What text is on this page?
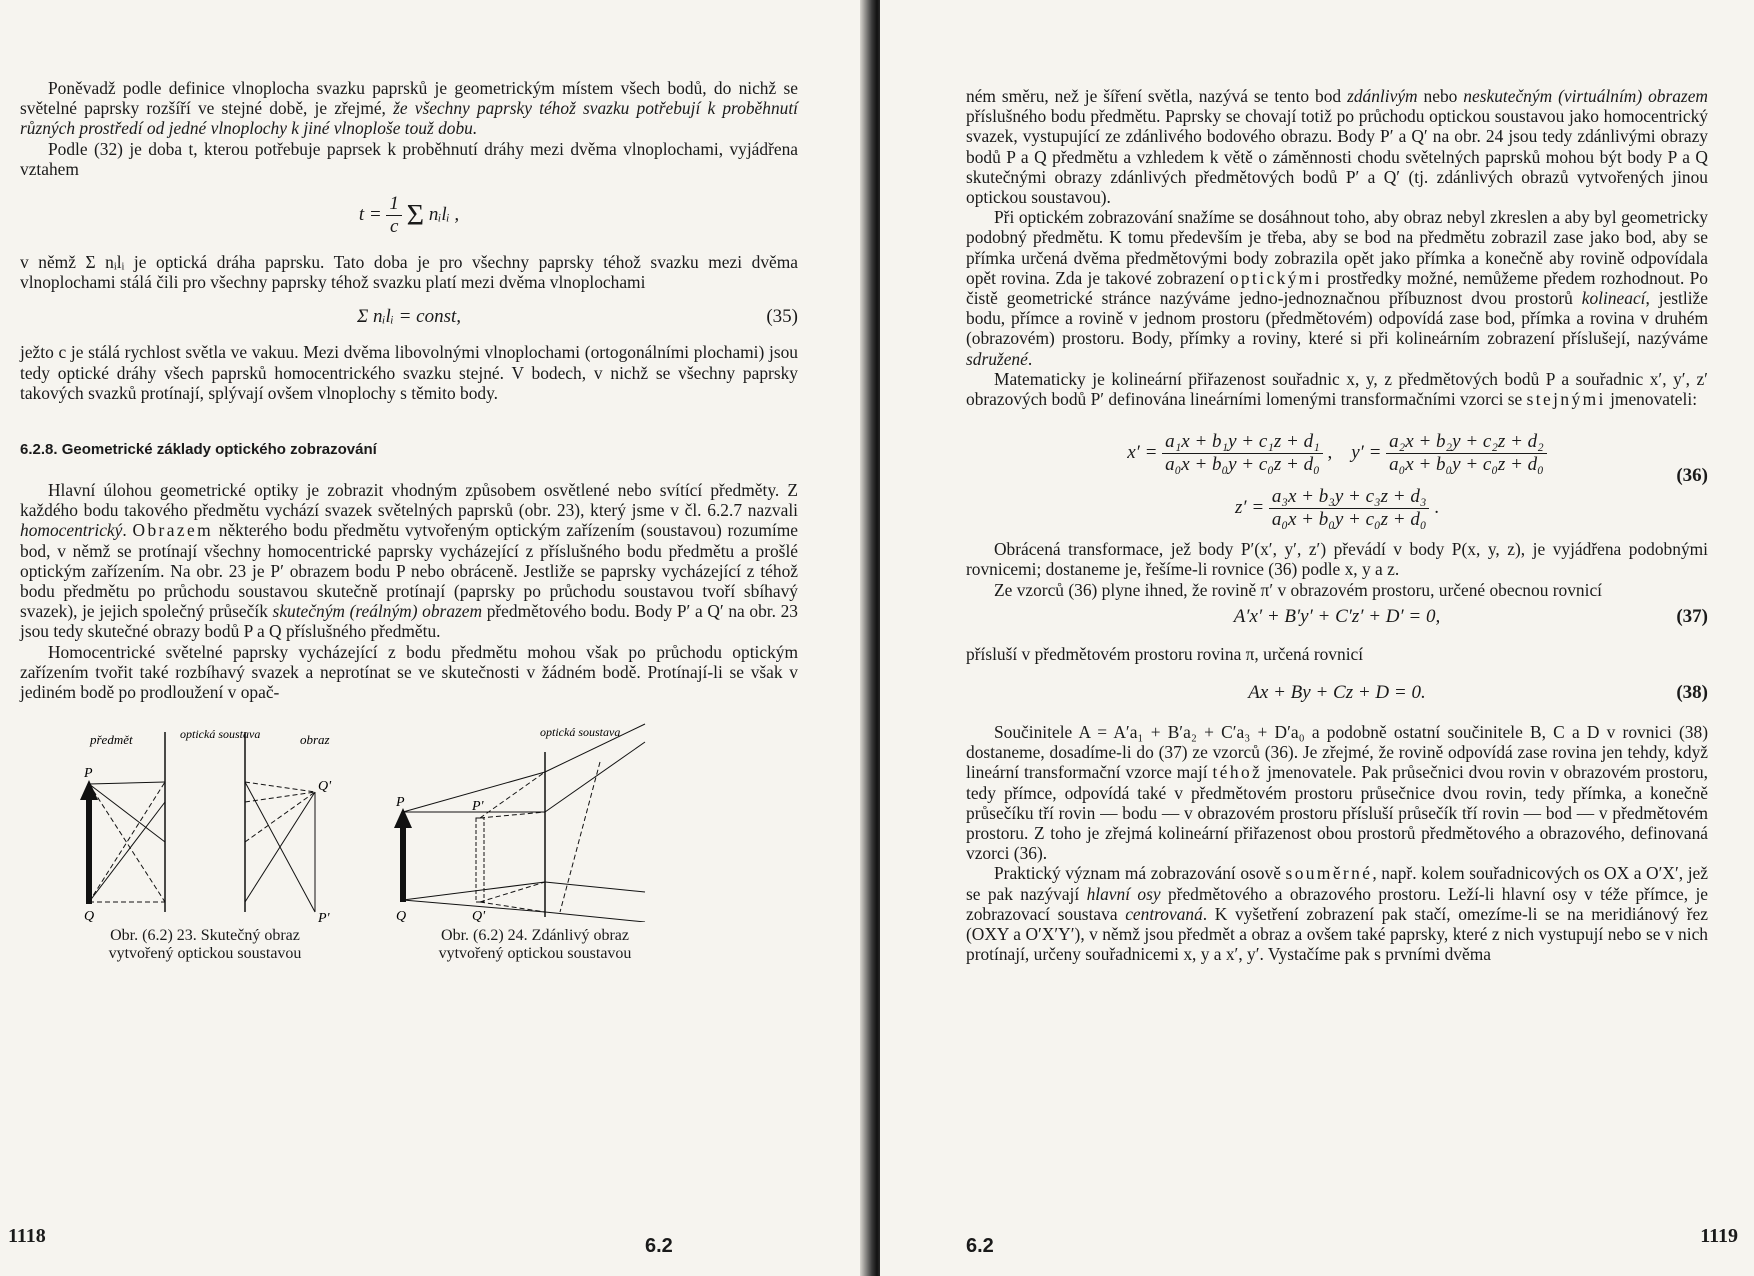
Poněvadž podle definice vlnoplocha svazku paprsků je geometrickým místem všech bodů, do nichž se světelné paprsky rozšíří ve stejné době, je zřejmé, že všechny paprsky téhož svazku potřebují k proběhnutí různých prostředí od jedné vlnoplochy k jiné vlnoploše touž dobu.

Podle (32) je doba t, kterou potřebuje paprsek k proběhnutí dráhy mezi dvěma vlnoplochami, vyjádřena vztahem

$t = \frac{1}{c}$ Σ nᵢlᵢ ,

v němž Σ nᵢlᵢ je optická dráha paprsku. Tato doba je pro všechny paprsky téhož svazku mezi dvěma vlnoplochami stálá čili pro všechny paprsky téhož svazku platí mezi dvěma vlnoplochami

Σ nᵢlᵢ = const,	(35)

ježto c je stálá rychlost světla ve vakuu. Mezi dvěma libovolnými vlnoplochami (ortogonálními plochami) jsou tedy optické dráhy všech paprsků homocentrického svazku stejné. V bodech, v nichž se všechny paprsky takových svazků protínají, splývají ovšem vlnoplochy s těmito body.

6.2.8. Geometrické základy optického zobrazování

Hlavní úlohou geometrické optiky je zobrazit vhodným způsobem osvětlené nebo svítící předměty. Z každého bodu takového předmětu vychází svazek světelných paprsků (obr. 23), který jsme v čl. 6.2.7 nazvali homocentrický. Obrazem některého bodu předmětu vytvořeným optickým zařízením (soustavou) rozumíme bod, v němž se protínají všechny homocentrické paprsky vycházející z příslušného bodu předmětu a prošlé optickým zařízením. Na obr. 23 je P′ obrazem bodu P nebo obráceně. Jestliže se paprsky vycházející z téhož bodu předmětu po průchodu soustavou skutečně protínají (paprsky po průchodu soustavou tvoří sbíhavý svazek), je jejich společný průsečík skutečným (reálným) obrazem předmětového bodu. Body P′ a Q′ na obr. 23 jsou tedy skutečné obrazy bodů P a Q příslušného předmětu.

Homocentrické světelné paprsky vycházející z bodu předmětu mohou však po průchodu optickým zařízením tvořit také rozbíhavý svazek a neprotínat se ve skutečnosti v žádném bodě. Protínají-li se však v jediném bodě po prodloužení v opač-

předmět	optická soustava	obraz
P
Q
Q'
P'
Obr. (6.2) 23. Skutečný obraz
vytvořený optickou soustavou
optická soustava
P
Q
P'
Q'
Obr. (6.2) 24. Zdánlivý obraz
vytvořený optickou soustavou
1118	6.2

ném směru, než je šíření světla, nazývá se tento bod zdánlivým nebo neskutečným (virtuálním) obrazem příslušného bodu předmětu. Paprsky se chovají totiž po průchodu optickou soustavou jako homocentrický svazek, vystupující ze zdánlivého bodového obrazu. Body P′ a Q′ na obr. 24 jsou tedy zdánlivými obrazy bodů P a Q předmětu a vzhledem k větě o záměnnosti chodu světelných paprsků mohou být body P a Q skutečnými obrazy zdánlivých předmětových bodů P′ a Q′ (tj. zdánlivých obrazů vytvořených jinou optickou soustavou).

Při optickém zobrazování snažíme se dosáhnout toho, aby obraz nebyl zkreslen a aby byl geometricky podobný předmětu. K tomu především je třeba, aby se bod na předmětu zobrazil zase jako bod, aby se přímka určená dvěma předmětovými body zobrazila opět jako přímka a konečně aby rovině odpovídala opět rovina. Zda je takové zobrazení optickými prostředky možné, nemůžeme předem rozhodnout. Po čistě geometrické stránce nazýváme jedno-jednoznačnou příbuznost dvou prostorů kolineací, jestliže bodu, přímce a rovině v jednom prostoru (předmětovém) odpovídá zase bod, přímka a rovina v druhém (obrazovém) prostoru. Body, přímky a roviny, které si při kolineárním zobrazení příslušejí, nazýváme sdružené.

Matematicky je kolineární přiřazenost souřadnic x, y, z předmětových bodů P a souřadnic x′, y′, z′ obrazových bodů P′ definována lineárními lomenými transformačními vzorci se stejnými jmenovateli:

$x' = \frac{\text{a₁x + b₁y + c₁z + d₁}}{\text{a₀x + b₀y + c₀z + d₀}}$ ,    $y' = \frac{\text{a₂x + b₂y + c₂z + d₂}}{\text{a₀x + b₀y + c₀z + d₀}}$
$z' = \frac{\text{a₃x + b₃y + c₃z + d₃}}{\text{a₀x + b₀y + c₀z + d₀}}$ .
(36)

Obrácená transformace, jež body P′(x′, y′, z′) převádí v body P(x, y, z), je vyjádřena podobnými rovnicemi; dostaneme je, řešíme-li rovnice (36) podle x, y a z.

Ze vzorců (36) plyne ihned, že rovině π′ v obrazovém prostoru, určené obecnou rovnicí

A′x′ + B′y′ + C′z′ + D′ = 0,	(37)

přísluší v předmětovém prostoru rovina π, určená rovnicí

Ax + By + Cz + D = 0.	(38)

Součinitele A = A′a₁ + B′a₂ + C′a₃ + D′a₀ a podobně ostatní součinitele B, C a D v rovnici (38) dostaneme, dosadíme-li do (37) ze vzorců (36). Je zřejmé, že rovině odpovídá zase rovina jen tehdy, když lineární transformační vzorce mají téhož jmenovatele. Pak průsečnici dvou rovin v obrazovém prostoru, tedy přímce, odpovídá také v předmětovém prostoru průsečnice dvou rovin, tedy přímka, a konečně průsečíku tří rovin — bodu — v obrazovém prostoru přísluší průsečík tří rovin — bod — v předmětovém prostoru. Z toho je zřejmá kolineární přiřazenost obou prostorů předmětového a obrazového, definovaná vzorci (36).

Praktický význam má zobrazování osově souměrné, např. kolem souřadnicových os OX a O′X′, jež se pak nazývají hlavní osy předmětového a obrazového prostoru. Leží-li hlavní osy v téže přímce, je zobrazovací soustava centrovaná. K vyšetření zobrazení pak stačí, omezíme-li se na meridiánový řez (OXY a O′X′Y′), v němž jsou předmět a obraz a ovšem také paprsky, které z nich vystupují nebo se v nich protínají, určeny souřadnicemi x, y a x′, y′. Vystačíme pak s prvními dvěma

6.2	1119
